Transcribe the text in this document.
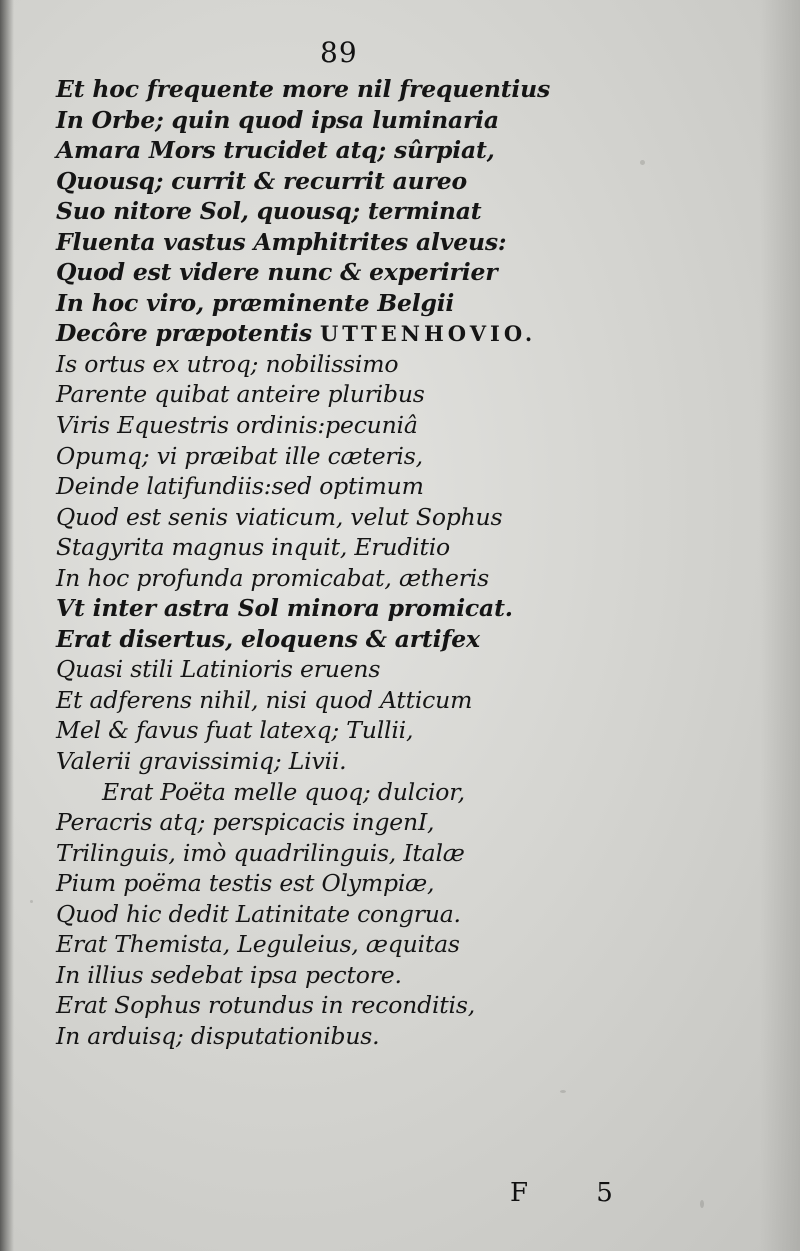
89
Et hoc frequente more nil frequentius
In Orbe; quin quod ipsa luminaria
Amara Mors trucidet atq; sûrpiat,
Quousq; currit & recurrit aureo
Suo nitore Sol, quousq; terminat
Fluenta vastus Amphitrites alveus:
Quod est videre nunc & experirier
In hoc viro, præminente Belgii
Decôre præpotentis UTTENHOVIO.
Is ortus ex utroq; nobilissimo
Parente quibat anteire pluribus
Viris Equestris ordinis:pecuniâ
Opumq; vi præibat ille cæteris,
Deinde latifundiis:sed optimum
Quod est senis viaticum, velut Sophus
Stagyrita magnus inquit, Eruditio
In hoc profunda promicabat, ætheris
Vt inter astra Sol minora promicat.
Erat disertus, eloquens & artifex
Quasi stili Latinioris eruens
Et adferens nihil, nisi quod Atticum
Mel & favus fuat latexq; Tullii,
Valerii gravissimiq; Livii.
Erat Poëta melle quoq; dulcior,
Peracris atq; perspicacis ingenI,
Trilinguis, imò quadrilinguis, Italæ
Pium poëma testis est Olympiæ,
Quod hic dedit Latinitate congrua.
Erat Themista, Leguleius, æquitas
In illius sedebat ipsa pectore.
Erat Sophus rotundus in reconditis,
In arduisq; disputationibus.
F 5
